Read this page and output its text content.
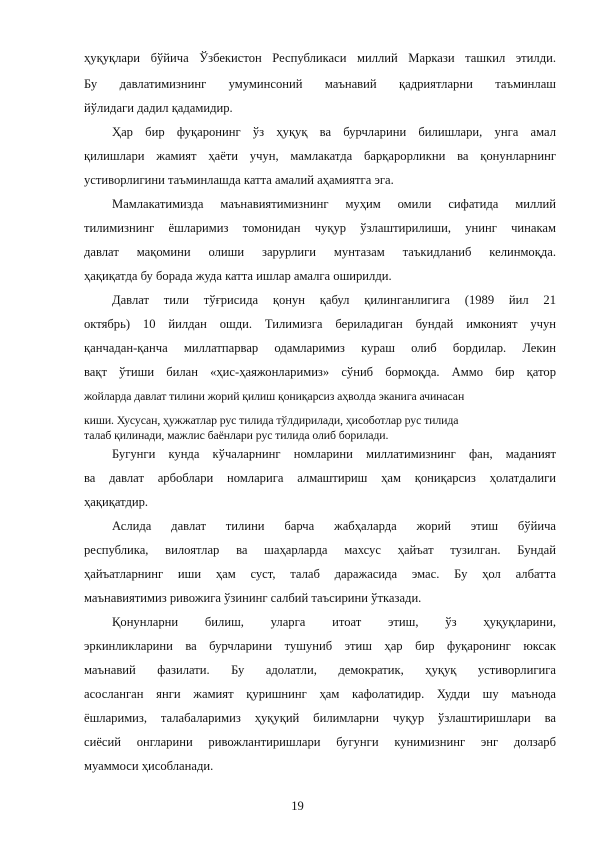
ҳуқуқлари бўйича Ўзбекистон Республикаси миллий Маркази ташкил этилди.
Бу давлатимизнинг умуминсоний маънавий қадриятларни таъминлаш
йўлидаги дадил қадамидир.
Ҳар бир фуқаронинг ўз ҳуқуқ ва бурчларини билишлари, унга амал
қилишлари жамият ҳаёти учун, мамлакатда барқарорликни ва қонунларнинг
устиворлигини таъминлашда катта амалий аҳамиятга эга.
Мамлакатимизда маънавиятимизнинг муҳим омили сифатида миллий
тилимизнинг ёшларимиз томонидан чуқур ўзлаштирилиши, унинг чинакам
давлат мақомини олиши зарурлиги мунтазам таъкидланиб келинмоқда.
ҳақиқатда бу борада жуда катта ишлар амалга оширилди.
Давлат тили тўғрисида қонун қабул қилинганлигига (1989 йил 21
октябрь) 10 йилдан ошди. Тилимизга бериладиган бундай имконият учун
қанчадан-қанча миллатпарвар одамларимиз кураш олиб бордилар. Лекин
вақт ўтиши билан «ҳис-ҳаяжонларимиз» сўниб бормоқда. Аммо бир қатор
жойларда давлат тилини жорий қилиш қониқарсиз аҳволда эканига ачинасан
киши. Хусусан, ҳужжатлар рус тилида тўлдирилади, ҳисоботлар рус тилида
талаб қилинади, мажлис баёнлари рус тилида олиб борилади.
Бугунги кунда кўчаларнинг номларини миллатимизнинг фан, маданият
ва давлат арбоблари номларига алмаштириш ҳам қониқарсиз ҳолатдалиги
ҳақиқатдир.
Аслида давлат тилини барча жабҳаларда жорий этиш бўйича
республика, вилоятлар ва шаҳарларда махсус ҳайъат тузилган. Бундай
ҳайъатларнинг иши ҳам суст, талаб даражасида эмас. Бу ҳол албатта
маънавиятимиз ривожига ўзининг салбий таъсирини ўтказади.
Қонунларни билиш, уларга итоат этиш, ўз ҳуқуқларини,
эркинликларини ва бурчларини тушуниб этиш ҳар бир фуқаронинг юксак
маънавий фазилати. Бу адолатли, демократик, ҳуқуқ устиворлигига
асосланган янги жамият қуришнинг ҳам кафолатидир. Худди шу маънода
ёшларимиз, талабаларимиз ҳуқуқий билимларни чуқур ўзлаштиришлари ва
сиёсий онгларини ривожлантиришлари бугунги кунимизнинг энг долзарб
муаммоси ҳисобланади.
19
